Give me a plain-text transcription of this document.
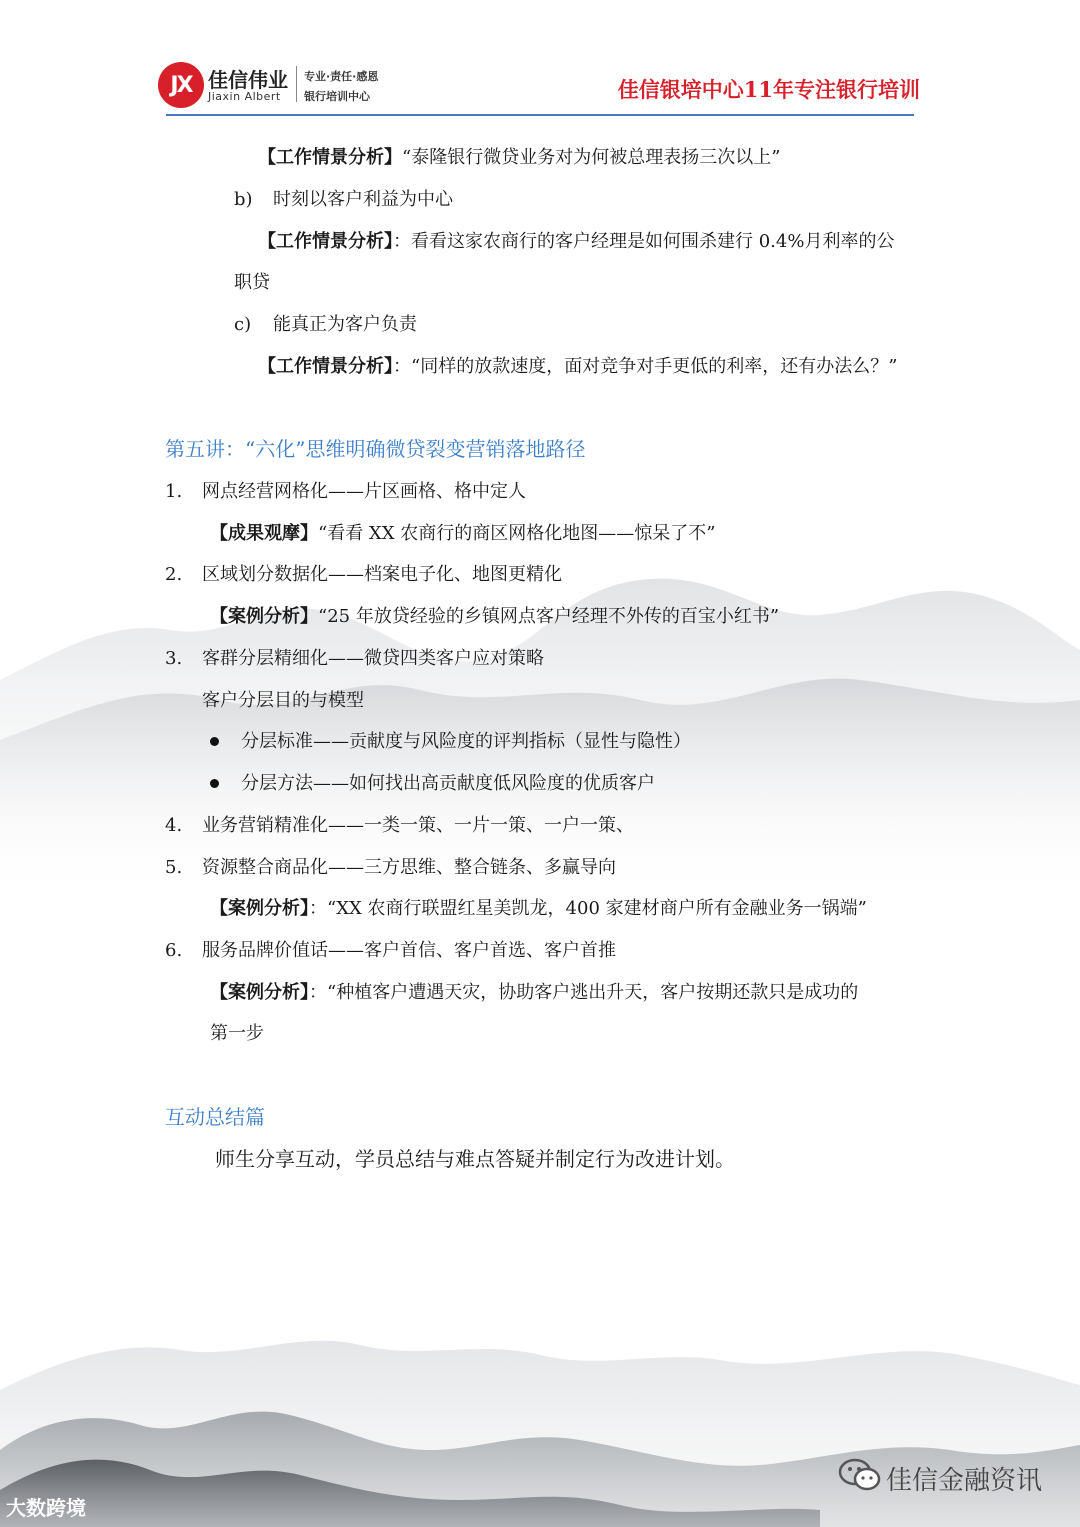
JX 佳信伟业
Jiaxin Albert
专业·责任·感恩
银行培训中心	佳信银培中心11年专注银行培训
【工作情景分析】“泰隆银行微贷业务对为何被总理表扬三次以上”
b) 时刻以客户利益为中心
【工作情景分析】：看看这家农商行的客户经理是如何围杀建行 0.4%月利率的公
职贷
c) 能真正为客户负责
【工作情景分析】：“同样的放款速度，面对竞争对手更低的利率，还有办法么？”
第五讲：“六化”思维明确微贷裂变营销落地路径
1. 网点经营网格化——片区画格、格中定人
【成果观摩】“看看 XX 农商行的商区网格化地图——惊呆了不”
2. 区域划分数据化——档案电子化、地图更精化
【案例分析】“25 年放贷经验的乡镇网点客户经理不外传的百宝小红书”
3. 客群分层精细化——微贷四类客户应对策略
客户分层目的与模型
分层标准——贡献度与风险度的评判指标（显性与隐性）
分层方法——如何找出高贡献度低风险度的优质客户
4. 业务营销精准化——一类一策、一片一策、一户一策、
5. 资源整合商品化——三方思维、整合链条、多赢导向
【案例分析】：“XX 农商行联盟红星美凯龙，400 家建材商户所有金融业务一锅端”
6. 服务品牌价值话——客户首信、客户首选、客户首推
【案例分析】：“种植客户遭遇天灾，协助客户逃出升天，客户按期还款只是成功的
第一步
互动总结篇
师生分享互动，学员总结与难点答疑并制定行为改进计划。
佳信金融资讯
大数跨境
